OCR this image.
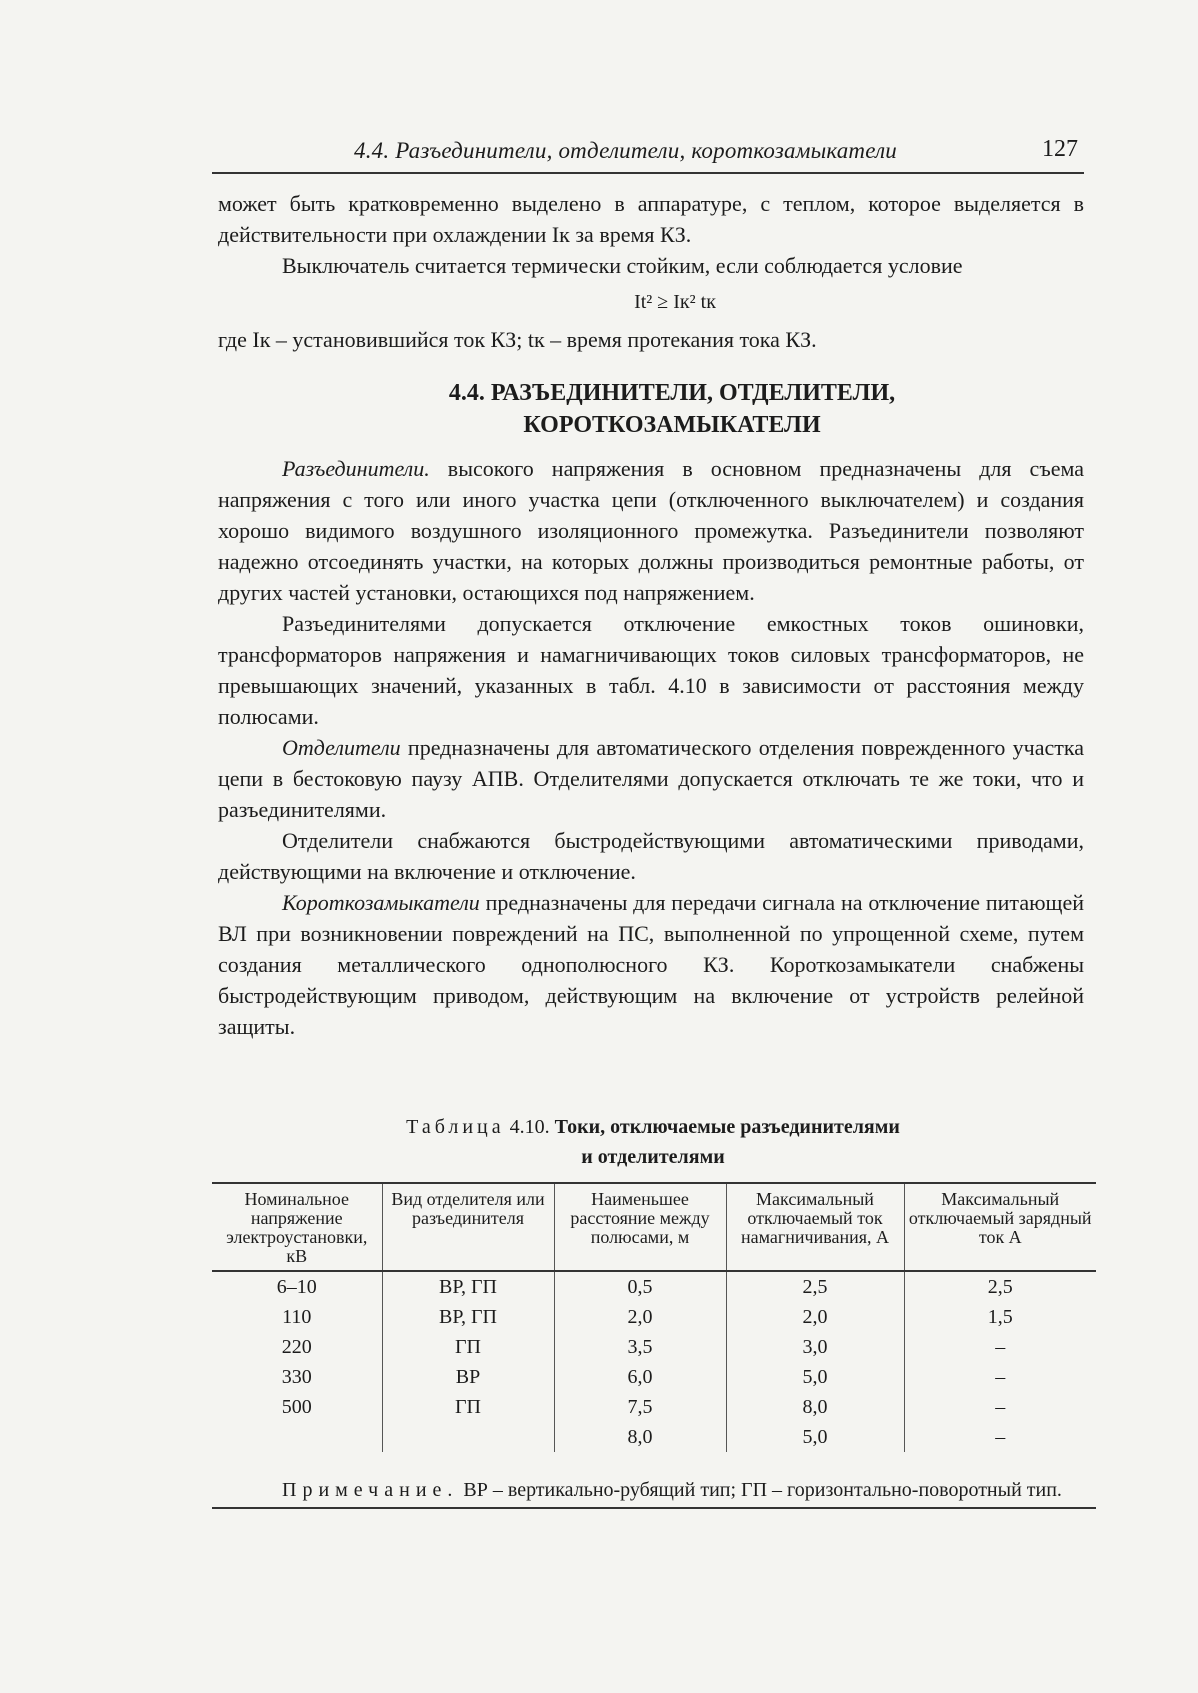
4.4. Разъединители, отделители, короткозамыкатели	127

может быть кратковременно выделено в аппаратуре, с теплом, которое выделяется в действительности при охлаждении Iк за время КЗ.

Выключатель считается термически стойким, если соблюдается условие

It² ≥ Iк² tк

где Iк – установившийся ток КЗ; tк – время протекания тока КЗ.

4.4. РАЗЪЕДИНИТЕЛИ, ОТДЕЛИТЕЛИ,
КОРОТКОЗАМЫКАТЕЛИ

Разъединители. высокого напряжения в основном предназначены для съема напряжения с того или иного участка цепи (отключенного выключателем) и создания хорошо видимого воздушного изоляционного промежутка. Разъединители позволяют надежно отсоединять участки, на которых должны производиться ремонтные работы, от других частей установки, остающихся под напряжением.

Разъединителями допускается отключение емкостных токов ошиновки, трансформаторов напряжения и намагничивающих токов силовых трансформаторов, не превышающих значений, указанных в табл. 4.10 в зависимости от расстояния между полюсами.

Отделители предназначены для автоматического отделения поврежденного участка цепи в бестоковую паузу АПВ. Отделителями допускается отключать те же токи, что и разъединителями.

Отделители снабжаются быстродействующими автоматическими приводами, действующими на включение и отключение.

Короткозамыкатели предназначены для передачи сигнала на отключение питающей ВЛ при возникновении повреждений на ПС, выполненной по упрощенной схеме, путем создания металлического однополюсного КЗ. Короткозамыкатели снабжены быстродействующим приводом, действующим на включение от устройств релейной защиты.

Таблица 4.10. Токи, отключаемые разъединителями
и отделителями
Номинальное напряжение электроустановки, кВ	Вид отделителя или разъединителя	Наименьшее расстояние между полюсами, м	Максимальный отключаемый ток намагничивания, А	Максимальный отключаемый зарядный ток А
6–10	ВР, ГП	0,5	2,5	2,5
110	ВР, ГП	2,0	2,0	1,5
220	ГП	3,5	3,0	–
330	ВР	6,0	5,0	–
500	ГП	7,5	8,0	–
		8,0	5,0	–
Примечание. ВР – вертикально-рубящий тип; ГП – горизонтально-поворотный тип.
